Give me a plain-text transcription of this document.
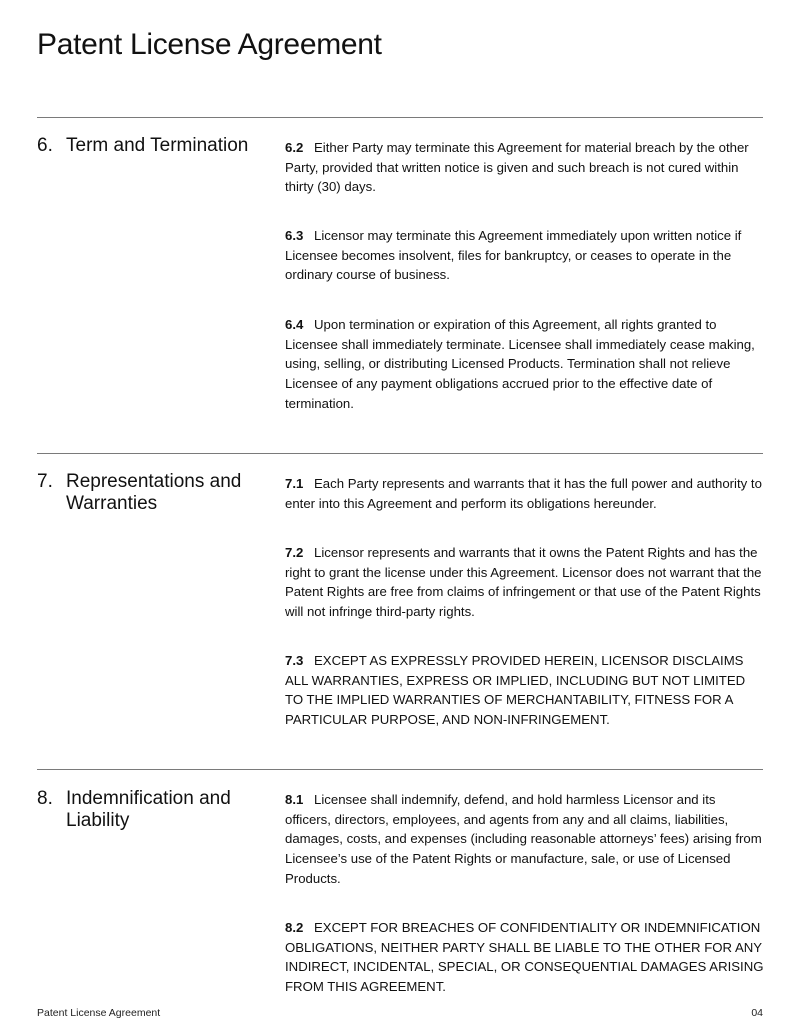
Patent License Agreement
6. Term and Termination	6.2 Either Party may terminate this Agreement for material breach by the other Party, provided that written notice is given and such breach is not cured within thirty (30) days.

6.3 Licensor may terminate this Agreement immediately upon written notice if Licensee becomes insolvent, files for bankruptcy, or ceases to operate in the ordinary course of business.

6.4 Upon termination or expiration of this Agreement, all rights granted to Licensee shall immediately terminate. Licensee shall immediately cease making, using, selling, or distributing Licensed Products. Termination shall not relieve Licensee of any payment obligations accrued prior to the effective date of termination.

7. Representations and Warranties

7.1 Each Party represents and warrants that it has the full power and authority to enter into this Agreement and perform its obligations hereunder.

7.2 Licensor represents and warrants that it owns the Patent Rights and has the right to grant the license under this Agreement. Licensor does not warrant that the Patent Rights are free from claims of infringement or that use of the Patent Rights will not infringe third-party rights.

7.3 EXCEPT AS EXPRESSLY PROVIDED HEREIN, LICENSOR DISCLAIMS ALL WARRANTIES, EXPRESS OR IMPLIED, INCLUDING BUT NOT LIMITED TO THE IMPLIED WARRANTIES OF MERCHANTABILITY, FITNESS FOR A PARTICULAR PURPOSE, AND NON-INFRINGEMENT.

8. Indemnification and Liability

8.1 Licensee shall indemnify, defend, and hold harmless Licensor and its officers, directors, employees, and agents from any and all claims, liabilities, damages, costs, and expenses (including reasonable attorneys’ fees) arising from Licensee’s use of the Patent Rights or manufacture, sale, or use of Licensed Products.

8.2 EXCEPT FOR BREACHES OF CONFIDENTIALITY OR INDEMNIFICATION OBLIGATIONS, NEITHER PARTY SHALL BE LIABLE TO THE OTHER FOR ANY INDIRECT, INCIDENTAL, SPECIAL, OR CONSEQUENTIAL DAMAGES ARISING FROM THIS AGREEMENT.

Patent License Agreement	04
